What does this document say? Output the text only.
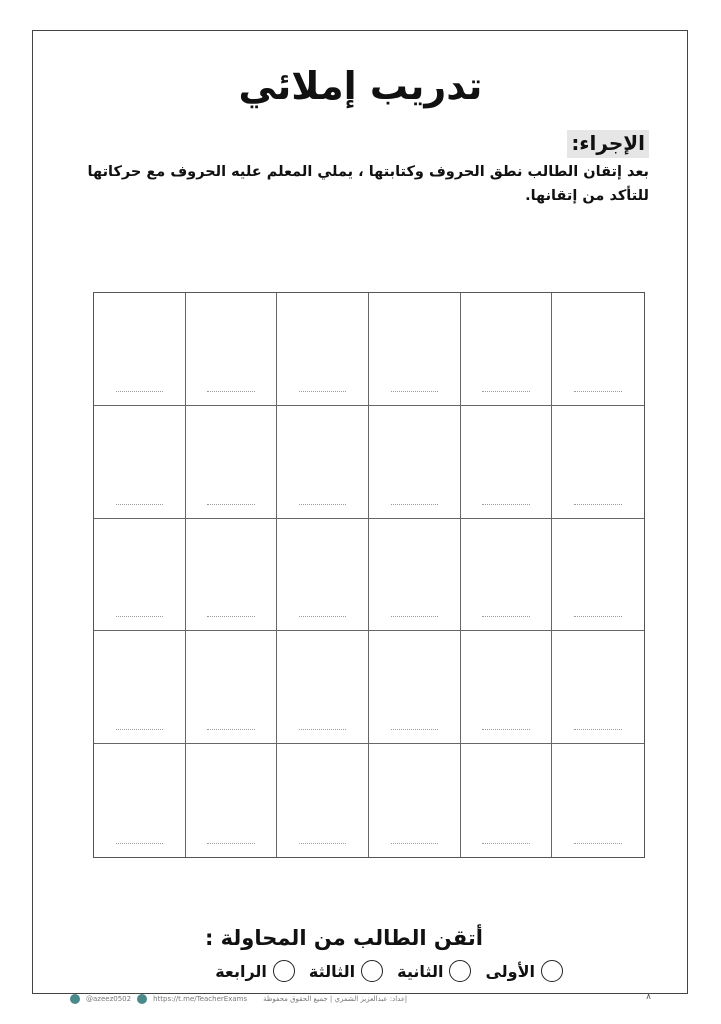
تدريب إملائي
الإجراء:
بعد إتقان الطالب نطق الحروف وكتابتها ، يملي المعلم عليه الحروف مع حركاتها للتأكد من إتقانها.
أتقن الطالب من المحاولة :
الأولى
الثانية
الثالثة
الرابعة
@azeez0502	https://t.me/TeacherExams إعداد: عبدالعزيز الشمري | جميع الحقوق محفوظة	٨
